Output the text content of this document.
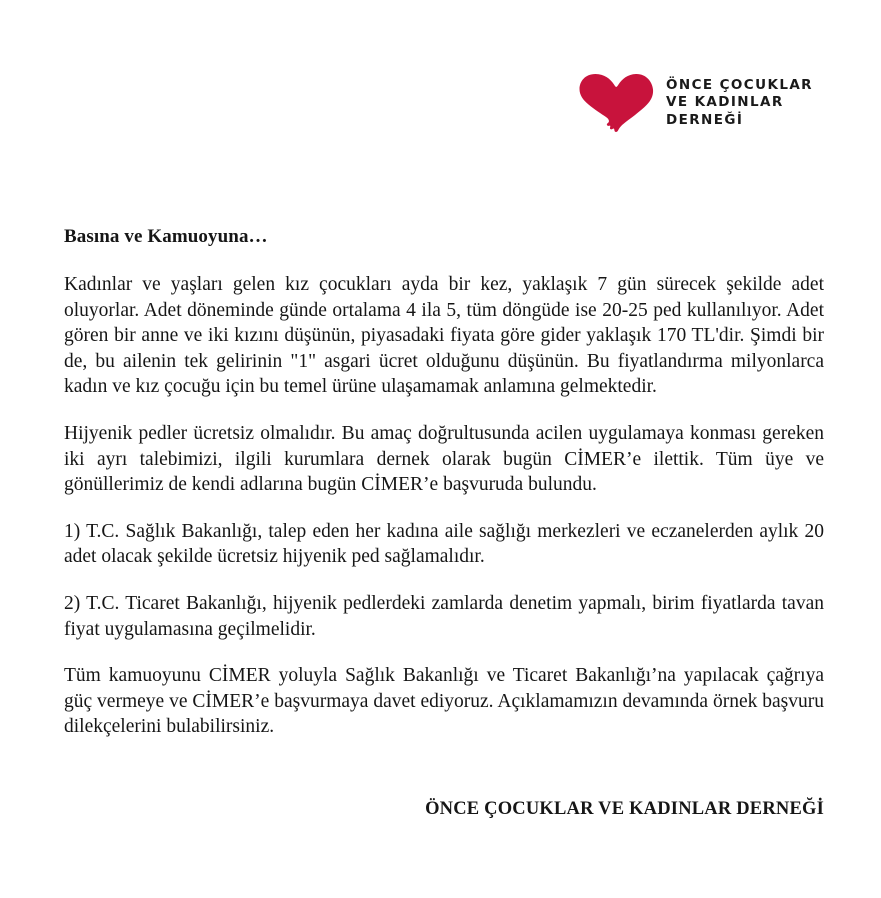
ÖNCE ÇOCUKLAR
VE KADINLAR
DERNEĞİ

Basına ve Kamuoyuna…

Kadınlar ve yaşları gelen kız çocukları ayda bir kez, yaklaşık 7 gün sürecek şekilde adet oluyorlar. Adet döneminde günde ortalama 4 ila 5, tüm döngüde ise 20-25 ped kullanılıyor. Adet gören bir anne ve iki kızını düşünün, piyasadaki fiyata göre gider yaklaşık 170 TL'dir. Şimdi bir de, bu ailenin tek gelirinin "1" asgari ücret olduğunu düşünün. Bu fiyatlandırma milyonlarca kadın ve kız çocuğu için bu temel ürüne ulaşamamak anlamına gelmektedir.

Hijyenik pedler ücretsiz olmalıdır. Bu amaç doğrultusunda acilen uygulamaya konması gereken iki ayrı talebimizi, ilgili kurumlara dernek olarak bugün CİMER’e ilettik. Tüm üye ve gönüllerimiz de kendi adlarına bugün CİMER’e başvuruda bulundu.

1) T.C. Sağlık Bakanlığı, talep eden her kadına aile sağlığı merkezleri ve eczanelerden aylık 20 adet olacak şekilde ücretsiz hijyenik ped sağlamalıdır.

2) T.C. Ticaret Bakanlığı, hijyenik pedlerdeki zamlarda denetim yapmalı, birim fiyatlarda tavan fiyat uygulamasına geçilmelidir.

Tüm kamuoyunu CİMER yoluyla Sağlık Bakanlığı ve Ticaret Bakanlığı’na yapılacak çağrıya güç vermeye ve CİMER’e başvurmaya davet ediyoruz. Açıklamamızın devamında örnek başvuru dilekçelerini bulabilirsiniz.

ÖNCE ÇOCUKLAR VE KADINLAR DERNEĞİ
